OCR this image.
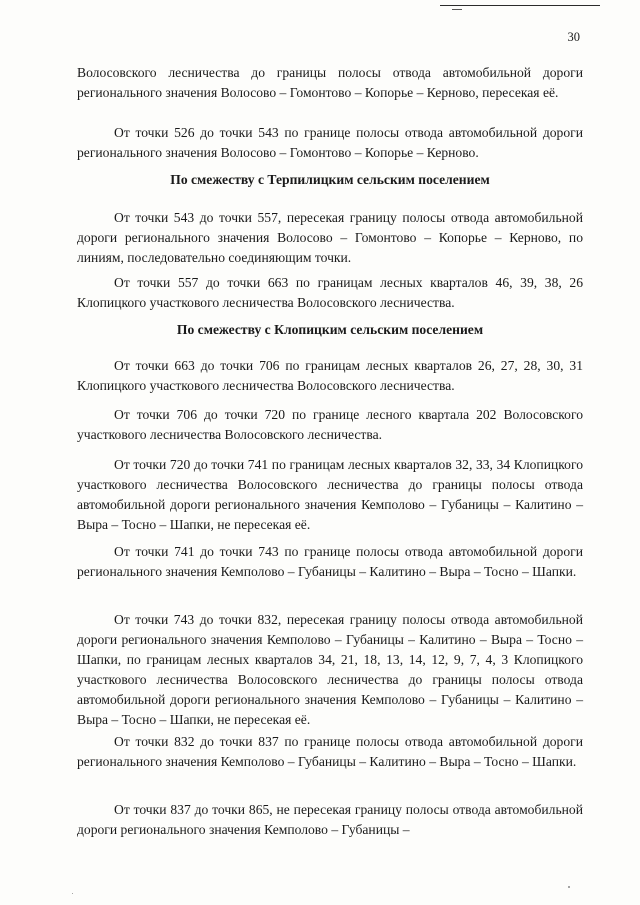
30

Волосовского лесничества до границы полосы отвода автомобильной дороги регионального значения Волосово – Гомонтово – Копорье – Керново, пересекая её.

От точки 526 до точки 543 по границе полосы отвода автомобильной дороги регионального значения Волосово – Гомонтово – Копорье – Керново.

По смежеству с Терпилицким сельским поселением

От точки 543 до точки 557, пересекая границу полосы отвода автомобильной дороги регионального значения Волосово – Гомонтово – Копорье – Керново, по линиям, последовательно соединяющим точки.

От точки 557 до точки 663 по границам лесных кварталов 46, 39, 38, 26 Клопицкого участкового лесничества Волосовского лесничества.

По смежеству с Клопицким сельским поселением

От точки 663 до точки 706 по границам лесных кварталов 26, 27, 28, 30, 31 Клопицкого участкового лесничества Волосовского лесничества.

От точки 706 до точки 720 по границе лесного квартала 202 Волосовского участкового лесничества Волосовского лесничества.

От точки 720 до точки 741 по границам лесных кварталов 32, 33, 34 Клопицкого участкового лесничества Волосовского лесничества до границы полосы отвода автомобильной дороги регионального значения Кемполово – Губаницы – Калитино – Выра – Тосно – Шапки, не пересекая её.

От точки 741 до точки 743 по границе полосы отвода автомобильной дороги регионального значения Кемполово – Губаницы – Калитино – Выра – Тосно – Шапки.

От точки 743 до точки 832, пересекая границу полосы отвода автомобильной дороги регионального значения Кемполово – Губаницы – Калитино – Выра – Тосно – Шапки, по границам лесных кварталов 34, 21, 18, 13, 14, 12, 9, 7, 4, 3 Клопицкого участкового лесничества Волосовского лесничества до границы полосы отвода автомобильной дороги регионального значения Кемполово – Губаницы – Калитино – Выра – Тосно – Шапки, не пересекая её.

От точки 832 до точки 837 по границе полосы отвода автомобильной дороги регионального значения Кемполово – Губаницы – Калитино – Выра – Тосно – Шапки.

От точки 837 до точки 865, не пересекая границу полосы отвода автомобильной дороги регионального значения Кемполово – Губаницы –
